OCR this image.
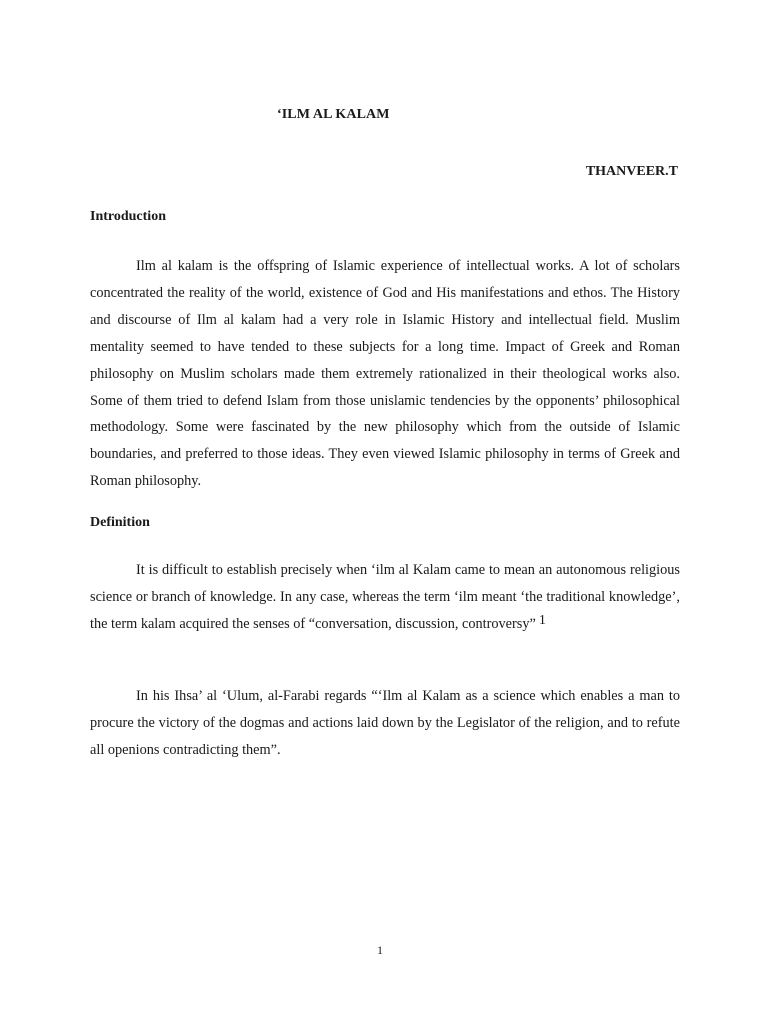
‘ILM AL KALAM
THANVEER.T
Introduction

Ilm al kalam is the offspring of Islamic experience of intellectual works. A lot of scholars concentrated the reality of the world, existence of God and His manifestations and ethos. The History and discourse of Ilm al kalam had a very role in Islamic History and intellectual field. Muslim mentality seemed to have tended to these subjects for a long time. Impact of Greek and Roman philosophy on Muslim scholars made them extremely rationalized in their theological works also. Some of them tried to defend Islam from those unislamic tendencies by the opponents’ philosophical methodology. Some were fascinated by the new philosophy which from the outside of Islamic boundaries, and preferred to those ideas. They even viewed Islamic philosophy in terms of Greek and Roman philosophy.

Definition

It is difficult to establish precisely when ‘ilm al Kalam came to mean an autonomous religious science or branch of knowledge. In any case, whereas the term ‘ilm meant ‘the traditional knowledge’, the term kalam acquired the senses of “conversation, discussion, controversy” $^1$

In his Ihsa’ al ‘Ulum, al-Farabi regards “‘Ilm al Kalam as a science which enables a man to procure the victory of the dogmas and actions laid down by the Legislator of the religion, and to refute all openions contradicting them”.

1
